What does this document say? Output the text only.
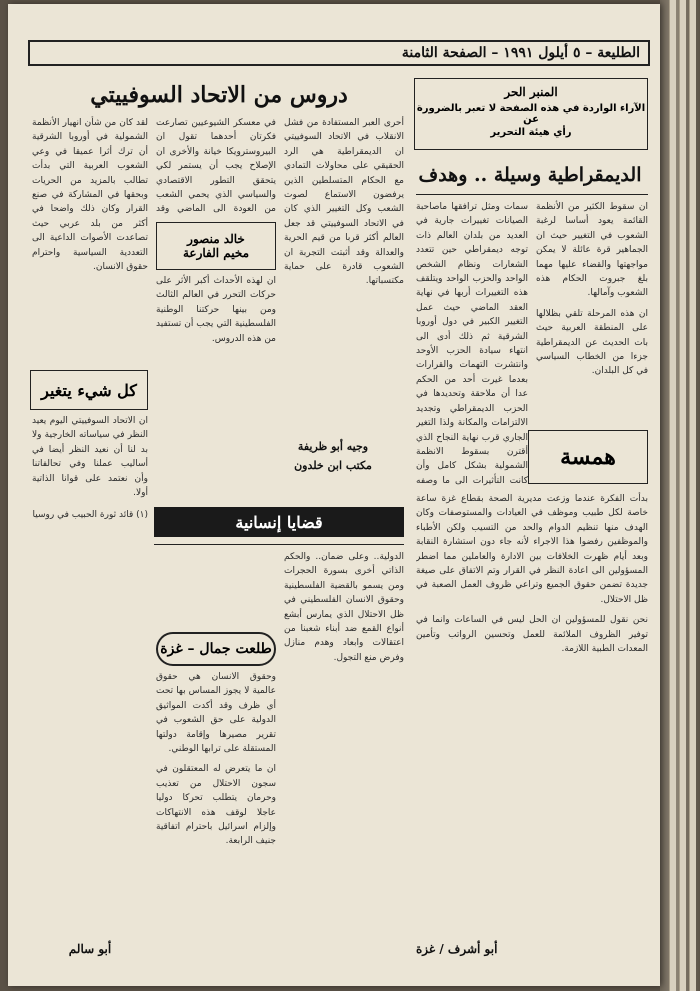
الطليعة – ٥ أيلول ١٩٩١ – الصفحة الثامنة
المنبر الحر
الآراء الواردة في هذه الصفحة لا تعبر بالضرورة عن
رأي هيئة التحرير
الديمقراطية وسيلة .. وهدف
سمات ومثل ترافقها ماصاحبة الصيانات تغييرات جارية في العديد من بلدان العالم ذات توجه ديمقراطي حين تتعدد الشعارات ونظام الشخص الواحد والحزب الواحد ويتلقف هذه التغييرات أربها في نهاية العقد الماضي حيث عمل التغيير الكبير في دول أوروبا الشرقية ثم ذلك أدى الى انتهاء سيادة الحزب الأوحد وانتشرت التهمات والقرارات بعدما غيرت أحد من الحكم عدا أن ملاحقة وتحديدها في الحزب الديمقراطي وتجديد الالتزامات والمكانة ولذا التغير الجاري قرب نهاية النجاح الذي أقترن بسقوط الانظمة الشمولية بشكل كامل وأن كانت التأثيرات الى ما وصفه
ان سقوط الكثير من الأنظمة القائمة يعود أساسا لرغبة الشعوب في التغيير حيث ان الجماهير قرة عائلة لا يمكن مواجهتها والقضاء عليها مهما بلغ جبروت الحكام هذه الشعوب وآمالها.
ان هذه المرحلة تلقي بظلالها على المنطقة العربية حيث بات الحديث عن الديمقراطية جزءا من الخطاب السياسي في كل البلدان.
وجيه أبو ظريفة
مكتب ابن خلدون	همسة
بدأت الفكرة عندما وزعت مديرية الصحة بقطاع غزة ساعة خاصة لكل طبيب وموظف في العيادات والمستوصفات وكان الهدف منها تنظيم الدوام والحد من التسيب ولكن الأطباء والموظفين رفضوا هذا الاجراء لأنه جاء دون استشارة النقابة وبعد أيام ظهرت الخلافات بين الادارة والعاملين مما اضطر المسؤولين الى اعادة النظر في القرار وتم الاتفاق على صيغة جديدة تضمن حقوق الجميع وتراعي ظروف العمل الصعبة في ظل الاحتلال.
نحن نقول للمسؤولين ان الحل ليس في الساعات وانما في توفير الظروف الملائمة للعمل وتحسين الرواتب وتأمين المعدات الطبية اللازمة.
أبو أشرف / غزة
دروس من الاتحاد السوفييتي
أحرى العبر المستفادة من فشل الانقلاب في الاتحاد السوفييتي ان الديمقراطية هي الرد الحقيقي على محاولات التمادي مع الحكام المتسلطين الذين يرفضون الاستماع لصوت الشعب وكل التغيير الذي كان في الاتحاد السوفييتي قد جعل العالم أكثر قربا من قيم الحرية والعدالة وقد أثبتت التجربة ان الشعوب قادرة على حماية مكتسباتها.
في معسكر الشيوعيين تصارعت فكرتان أحدهما تقول ان البيروسترويكا خيانة والأخرى ان الإصلاح يجب أن يستمر لكي يتحقق التطور الاقتصادي والسياسي الذي يحمي الشعب من العودة الى الماضي وقد
خالد منصور
مخيم الفارعة
ان لهذه الأحداث أكبر الأثر على حركات التحرر في العالم الثالث ومن بينها حركتنا الوطنية الفلسطينية التي يجب أن تستفيد من هذه الدروس.
لقد كان من شأن انهيار الأنظمة الشمولية في أوروبا الشرقية أن ترك أثرا عميقا في وعي الشعوب العربية التي بدأت تطالب بالمزيد من الحريات وبحقها في المشاركة في صنع القرار وكان ذلك واضحا في أكثر من بلد عربي حيث تصاعدت الأصوات الداعية الى التعددية السياسية واحترام حقوق الانسان.
كل شيء يتغير
ان الاتحاد السوفييتي اليوم يعيد النظر في سياساته الخارجية ولا بد لنا أن نعيد النظر أيضا في أساليب عملنا وفي تحالفاتنا وأن نعتمد على قوانا الذاتية أولا.
(١) قائد ثورة الحبيب في روسيا
أبو سالم
قضايا إنسانية
الدولية.. وعلى ضمان.. والحكم الذاتي أخرى بسورة الحجرات ومن يسمو بالقضية الفلسطينية وحقوق الانسان الفلسطيني في ظل الاحتلال الذي يمارس أبشع أنواع القمع ضد أبناء شعبنا من اعتقالات وابعاد وهدم منازل وفرض منع التجول.
طلعت جمال – غزة
وحقوق الانسان هي حقوق عالمية لا يجوز المساس بها تحت أي ظرف وقد أكدت المواثيق الدولية على حق الشعوب في تقرير مصيرها وإقامة دولتها المستقلة على ترابها الوطني.
ان ما يتعرض له المعتقلون في سجون الاحتلال من تعذيب وحرمان يتطلب تحركا دوليا عاجلا لوقف هذه الانتهاكات وإلزام اسرائيل باحترام اتفاقية جنيف الرابعة.
